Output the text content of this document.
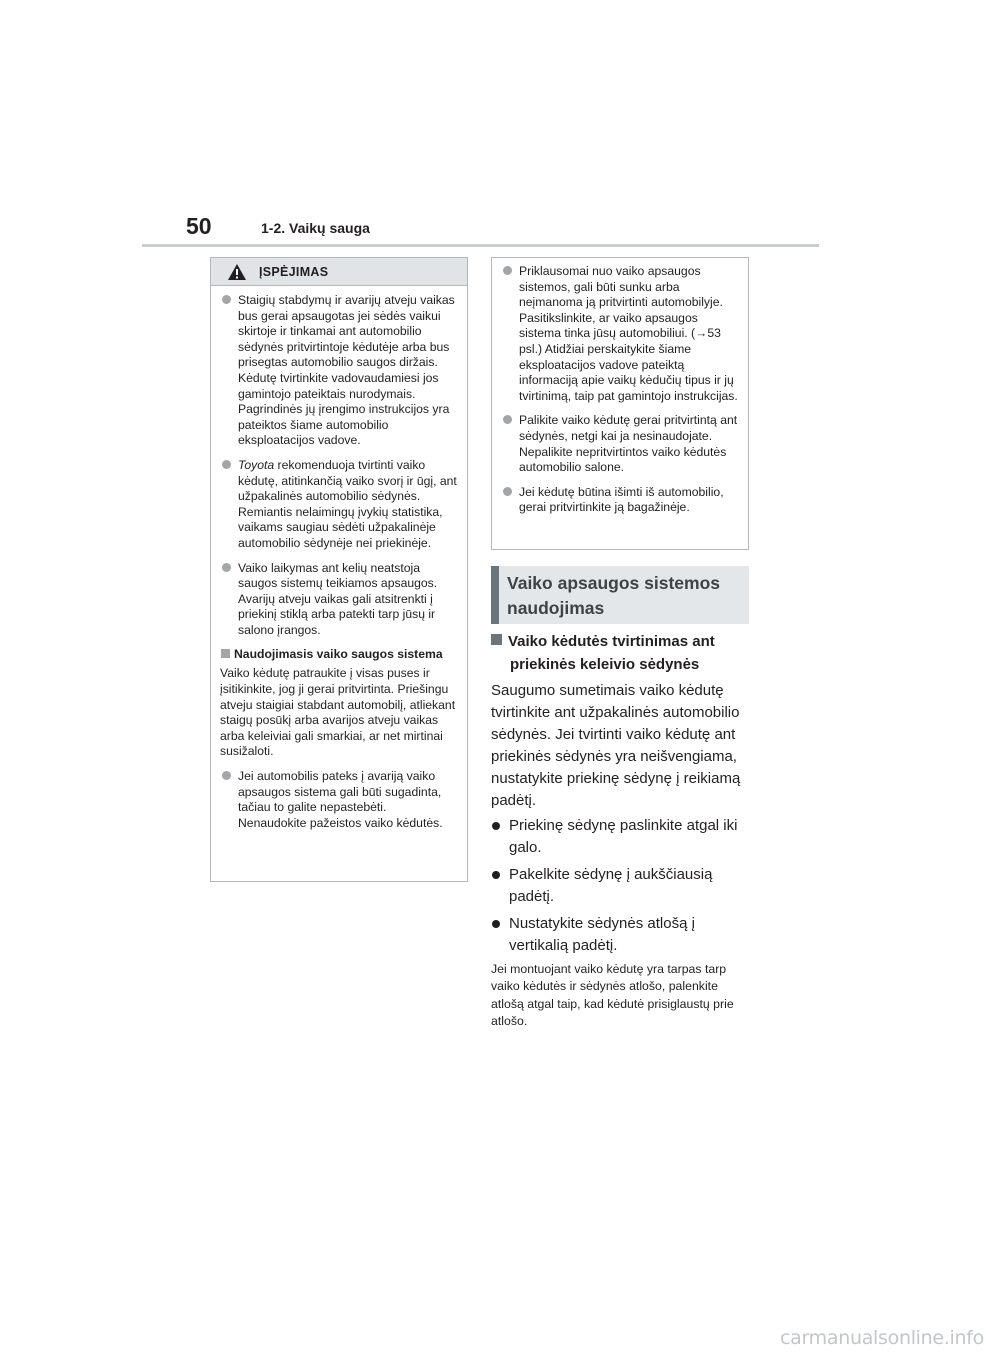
50	1-2. Vaikų sauga
ĮSPĖJIMAS
Staigių stabdymų ir avarijų atveju vaikas bus gerai apsaugotas jei sėdės vaikui skirtoje ir tinkamai ant automobilio sėdynės pritvirtintoje kėdutėje arba bus prisegtas automobilio saugos diržais. Kėdutę tvirtinkite vadovaudamiesi jos gamintojo pateiktais nurodymais. Pagrindinės jų įrengimo instrukcijos yra pateiktos šiame automobilio eksploatacijos vadove.
Toyota rekomenduoja tvirtinti vaiko kėdutę, atitinkančią vaiko svorį ir ūgį, ant užpakalinės automobilio sėdynės. Remiantis nelaimingų įvykių statistika, vaikams saugiau sėdėti užpakalinėje automobilio sėdynėje nei priekinėje.
Vaiko laikymas ant kelių neatstoja saugos sistemų teikiamos apsaugos. Avarijų atveju vaikas gali atsitrenkti į priekinį stiklą arba patekti tarp jūsų ir salono įrangos.
Naudojimasis vaiko saugos sistema
Vaiko kėdutę patraukite į visas puses ir įsitikinkite, jog ji gerai pritvirtinta. Priešingu atveju staigiai stabdant automobilį, atliekant staigų posūkį arba avarijos atveju vaikas arba keleiviai gali smarkiai, ar net mirtinai susižaloti.
Jei automobilis pateks į avariją vaiko apsaugos sistema gali būti sugadinta, tačiau to galite nepastebėti. Nenaudokite pažeistos vaiko kėdutės.
Priklausomai nuo vaiko apsaugos sistemos, gali būti sunku arba neįmanoma ją pritvirtinti automobilyje. Pasitikslinkite, ar vaiko apsaugos sistema tinka jūsų automobiliui. (→53 psl.) Atidžiai perskaitykite šiame eksploatacijos vadove pateiktą informaciją apie vaikų kėdučių tipus ir jų tvirtinimą, taip pat gamintojo instrukcijas.
Palikite vaiko kėdutę gerai pritvirtintą ant sėdynės, netgi kai ja nesinaudojate. Nepalikite nepritvirtintos vaiko kėdutės automobilio salone.
Jei kėdutę būtina išimti iš automobilio, gerai pritvirtinkite ją bagažinėje.
Vaiko apsaugos sistemos
naudojimas
Vaiko kėdutės tvirtinimas ant
priekinės keleivio sėdynės
Saugumo sumetimais vaiko kėdutę tvirtinkite ant užpakalinės automobilio sėdynės. Jei tvirtinti vaiko kėdutę ant priekinės sėdynės yra neišvengiama, nustatykite priekinę sėdynę į reikiamą padėtį.
Priekinę sėdynę paslinkite atgal iki galo.
Pakelkite sėdynę į aukščiausią padėtį.
Nustatykite sėdynės atlošą į vertikalią padėtį.
Jei montuojant vaiko kėdutę yra tarpas tarp vaiko kėdutės ir sėdynės atlošo, palenkite atlošą atgal taip, kad kėdutė prisiglaustų prie atlošo.
carmanualsonline.info
